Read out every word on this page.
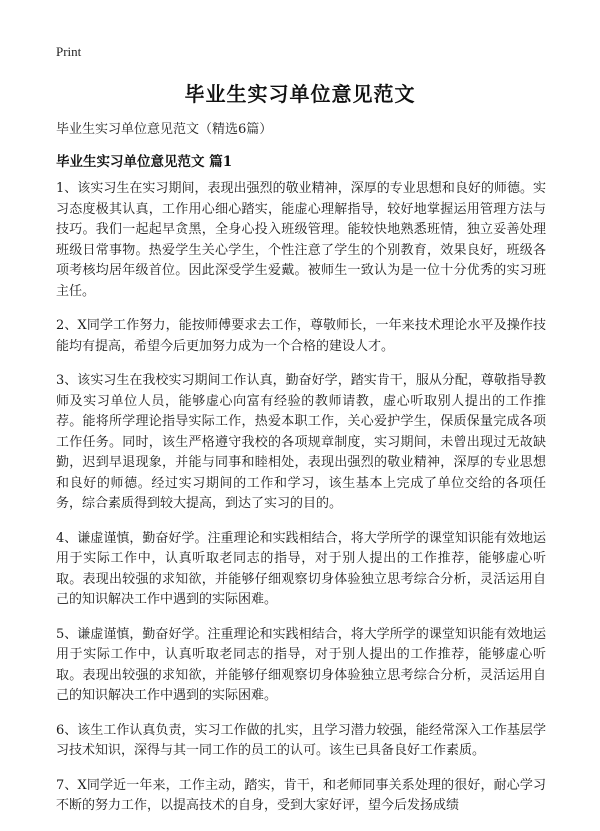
Print
毕业生实习单位意见范文

毕业生实习单位意见范文（精选6篇）

毕业生实习单位意见范文 篇1

1、该实习生在实习期间，表现出强烈的敬业精神，深厚的专业思想和良好的师德。实习态度极其认真，工作用心细心踏实，能虚心理解指导，较好地掌握运用管理方法与技巧。我们一起起早贪黑，全身心投入班级管理。能较快地熟悉班情，独立妥善处理班级日常事物。热爱学生关心学生，个性注意了学生的个别教育，效果良好，班级各项考核均居年级首位。因此深受学生爱戴。被师生一致认为是一位十分优秀的实习班主任。

2、X同学工作努力，能按师傅要求去工作，尊敬师长，一年来技术理论水平及操作技能均有提高，希望今后更加努力成为一个合格的建设人才。

3、该实习生在我校实习期间工作认真，勤奋好学，踏实肯干，服从分配，尊敬指导教师及实习单位人员，能够虚心向富有经验的教师请教，虚心听取别人提出的工作推荐。能将所学理论指导实际工作，热爱本职工作，关心爱护学生，保质保量完成各项工作任务。同时，该生严格遵守我校的各项规章制度，实习期间，未曾出现过无故缺勤，迟到早退现象，并能与同事和睦相处，表现出强烈的敬业精神，深厚的专业思想和良好的师德。经过实习期间的工作和学习，该生基本上完成了单位交给的各项任务，综合素质得到较大提高，到达了实习的目的。

4、谦虚谨慎，勤奋好学。注重理论和实践相结合，将大学所学的课堂知识能有效地运用于实际工作中，认真听取老同志的指导，对于别人提出的工作推荐，能够虚心听取。表现出较强的求知欲，并能够仔细观察切身体验独立思考综合分析，灵活运用自己的知识解决工作中遇到的实际困难。

5、谦虚谨慎，勤奋好学。注重理论和实践相结合，将大学所学的课堂知识能有效地运用于实际工作中，认真听取老同志的指导，对于别人提出的工作推荐，能够虚心听取。表现出较强的求知欲，并能够仔细观察切身体验独立思考综合分析，灵活运用自己的知识解决工作中遇到的实际困难。

6、该生工作认真负责，实习工作做的扎实，且学习潜力较强，能经常深入工作基层学习技术知识，深得与其一同工作的员工的认可。该生已具备良好工作素质。

7、X同学近一年来，工作主动，踏实，肯干，和老师同事关系处理的很好，耐心学习不断的努力工作，以提高技术的自身，受到大家好评，望今后发扬成绩
